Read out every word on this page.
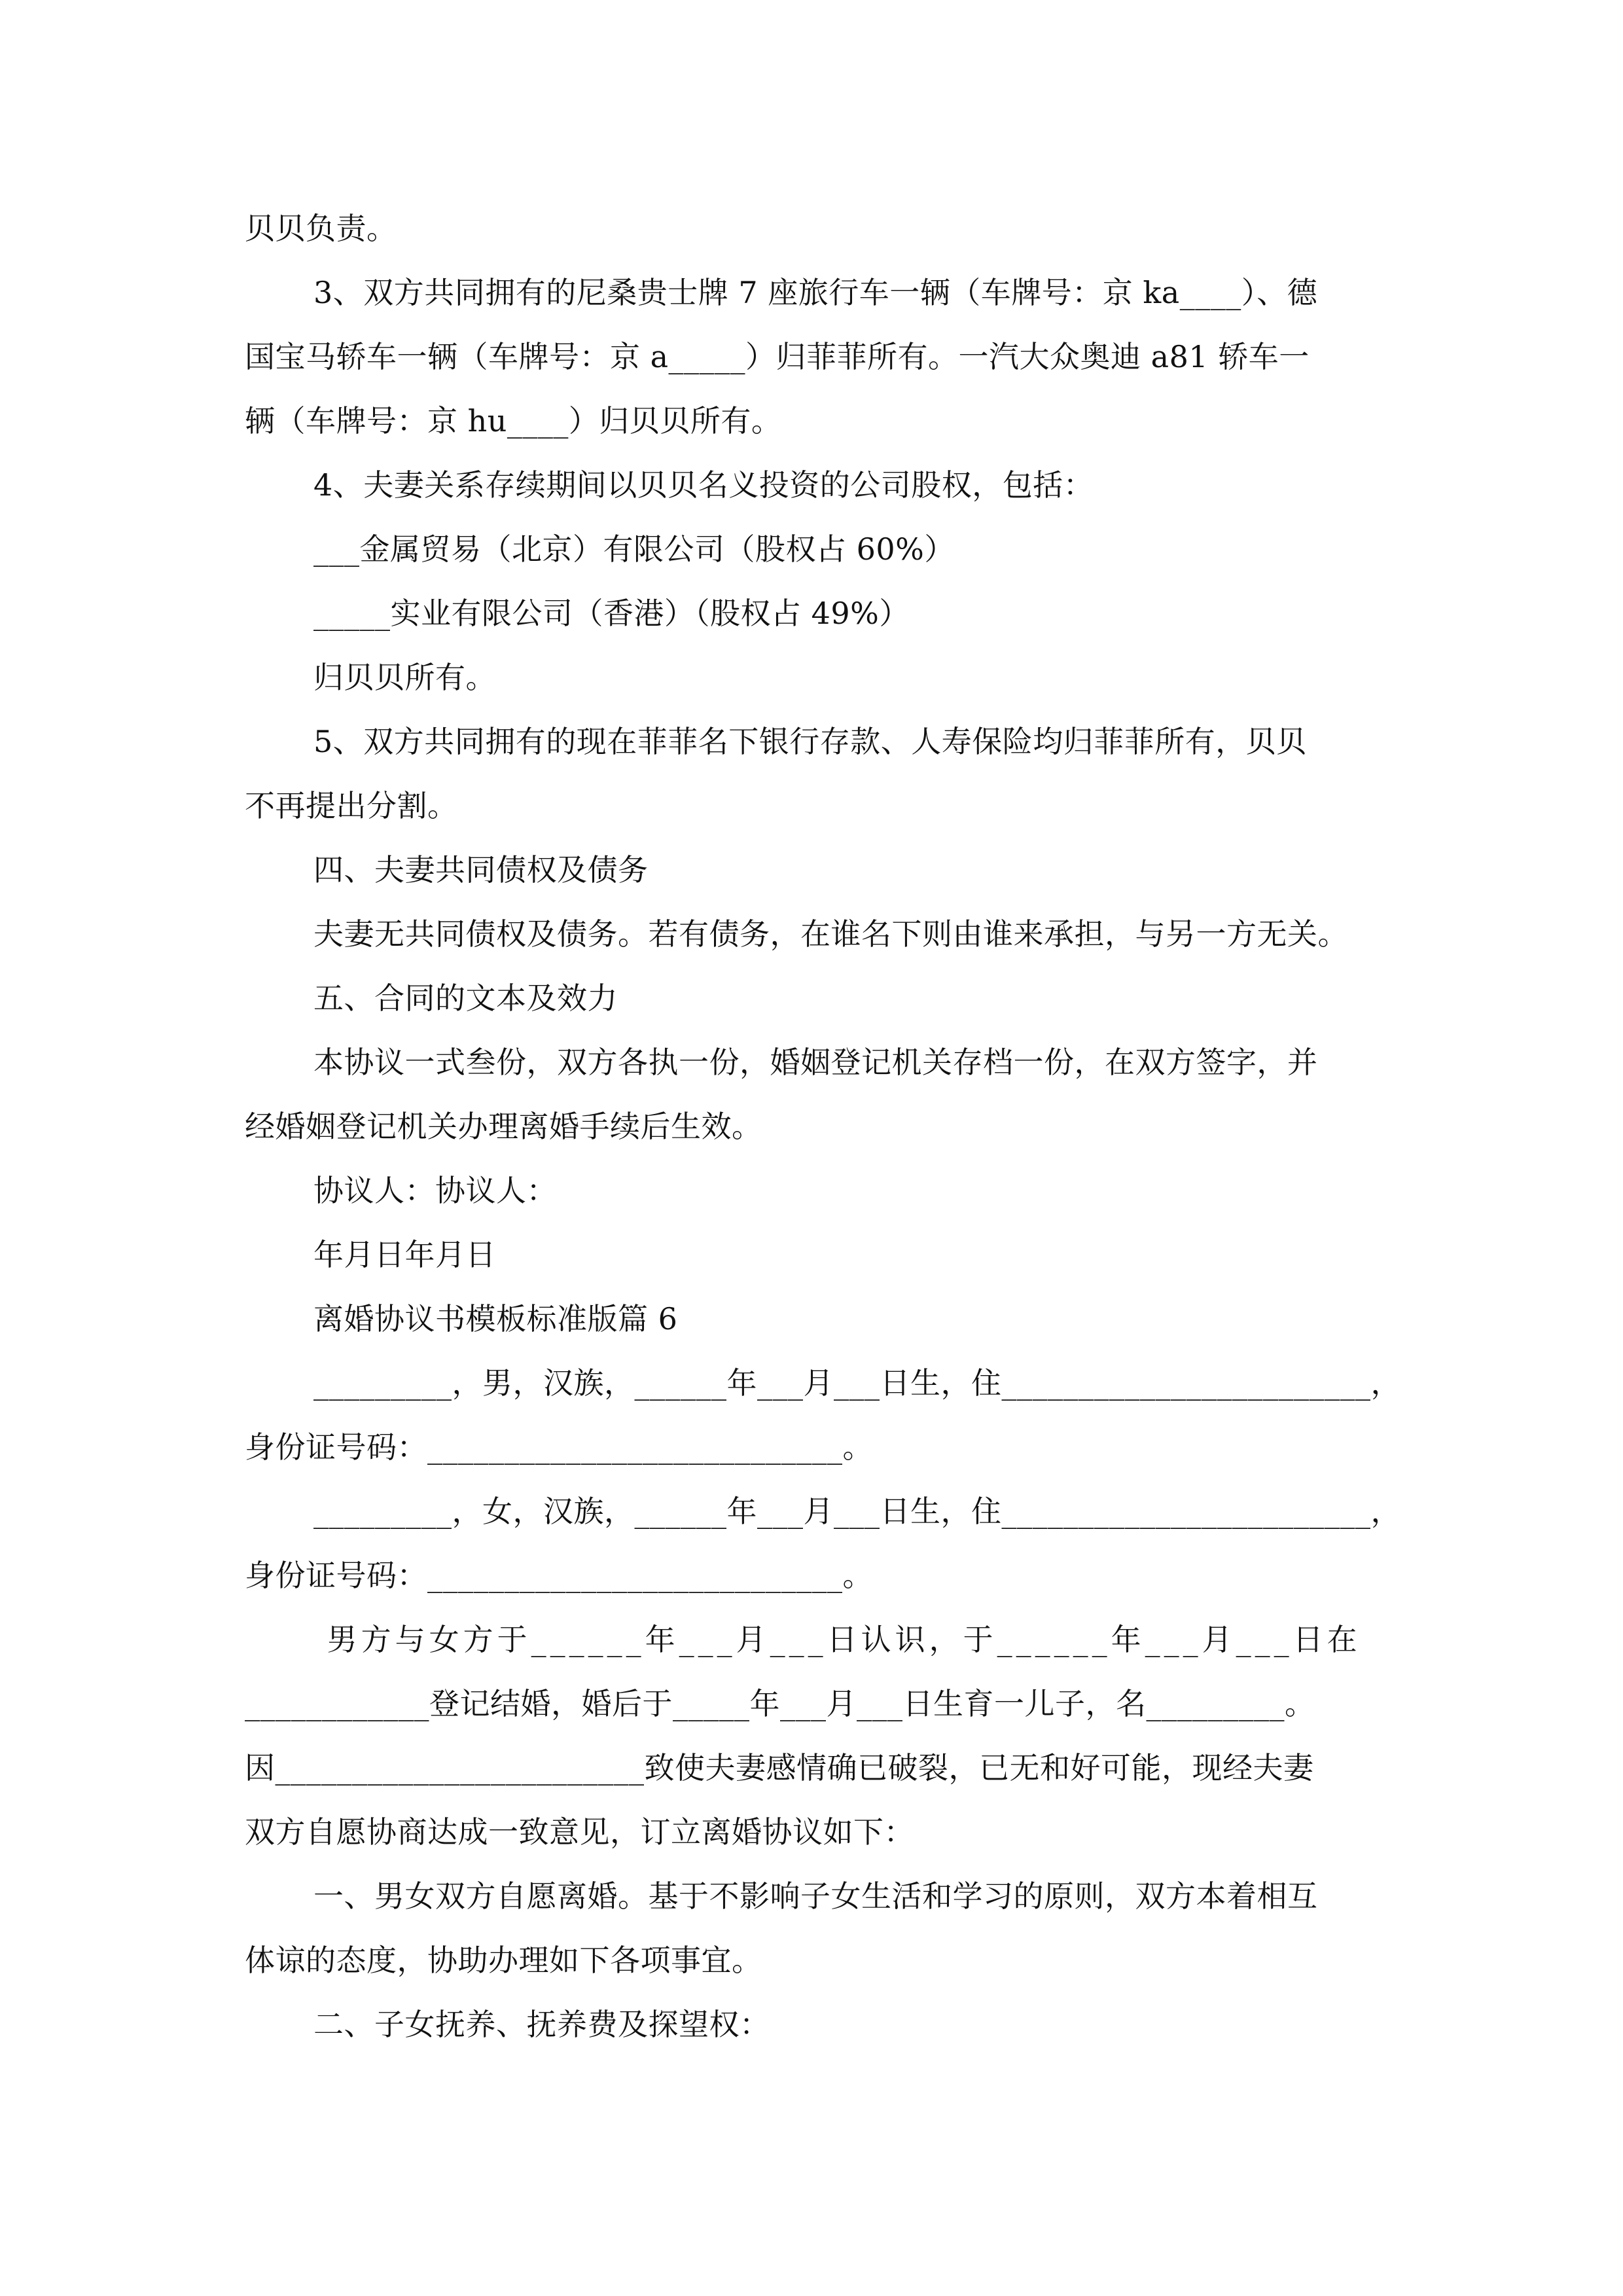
贝贝负责。
3、双方共同拥有的尼桑贵士牌 7 座旅行车一辆（车牌号：京 ka____）、德
国宝马轿车一辆（车牌号：京 a_____）归菲菲所有。一汽大众奥迪 a81 轿车一
辆（车牌号：京 hu____）归贝贝所有。
4、夫妻关系存续期间以贝贝名义投资的公司股权，包括：
___金属贸易（北京）有限公司（股权占 60%）
_____实业有限公司（香港）（股权占 49%）
归贝贝所有。
5、双方共同拥有的现在菲菲名下银行存款、人寿保险均归菲菲所有，贝贝
不再提出分割。
四、夫妻共同债权及债务
夫妻无共同债权及债务。若有债务，在谁名下则由谁来承担，与另一方无关。
五、合同的文本及效力
本协议一式叁份，双方各执一份，婚姻登记机关存档一份，在双方签字，并
经婚姻登记机关办理离婚手续后生效。
协议人：协议人：
年月日年月日
离婚协议书模板标准版篇 6
_________，男，汉族，______年___月___日生，住________________________，
身份证号码：___________________________。
_________，女，汉族，______年___月___日生，住________________________，
身份证号码：___________________________。
男方与女方于______年___月___日认识，于______年___月___日在
____________登记结婚，婚后于_____年___月___日生育一儿子，名_________。
因________________________致使夫妻感情确已破裂，已无和好可能，现经夫妻
双方自愿协商达成一致意见，订立离婚协议如下：
一、男女双方自愿离婚。基于不影响子女生活和学习的原则，双方本着相互
体谅的态度，协助办理如下各项事宜。
二、子女抚养、抚养费及探望权：
